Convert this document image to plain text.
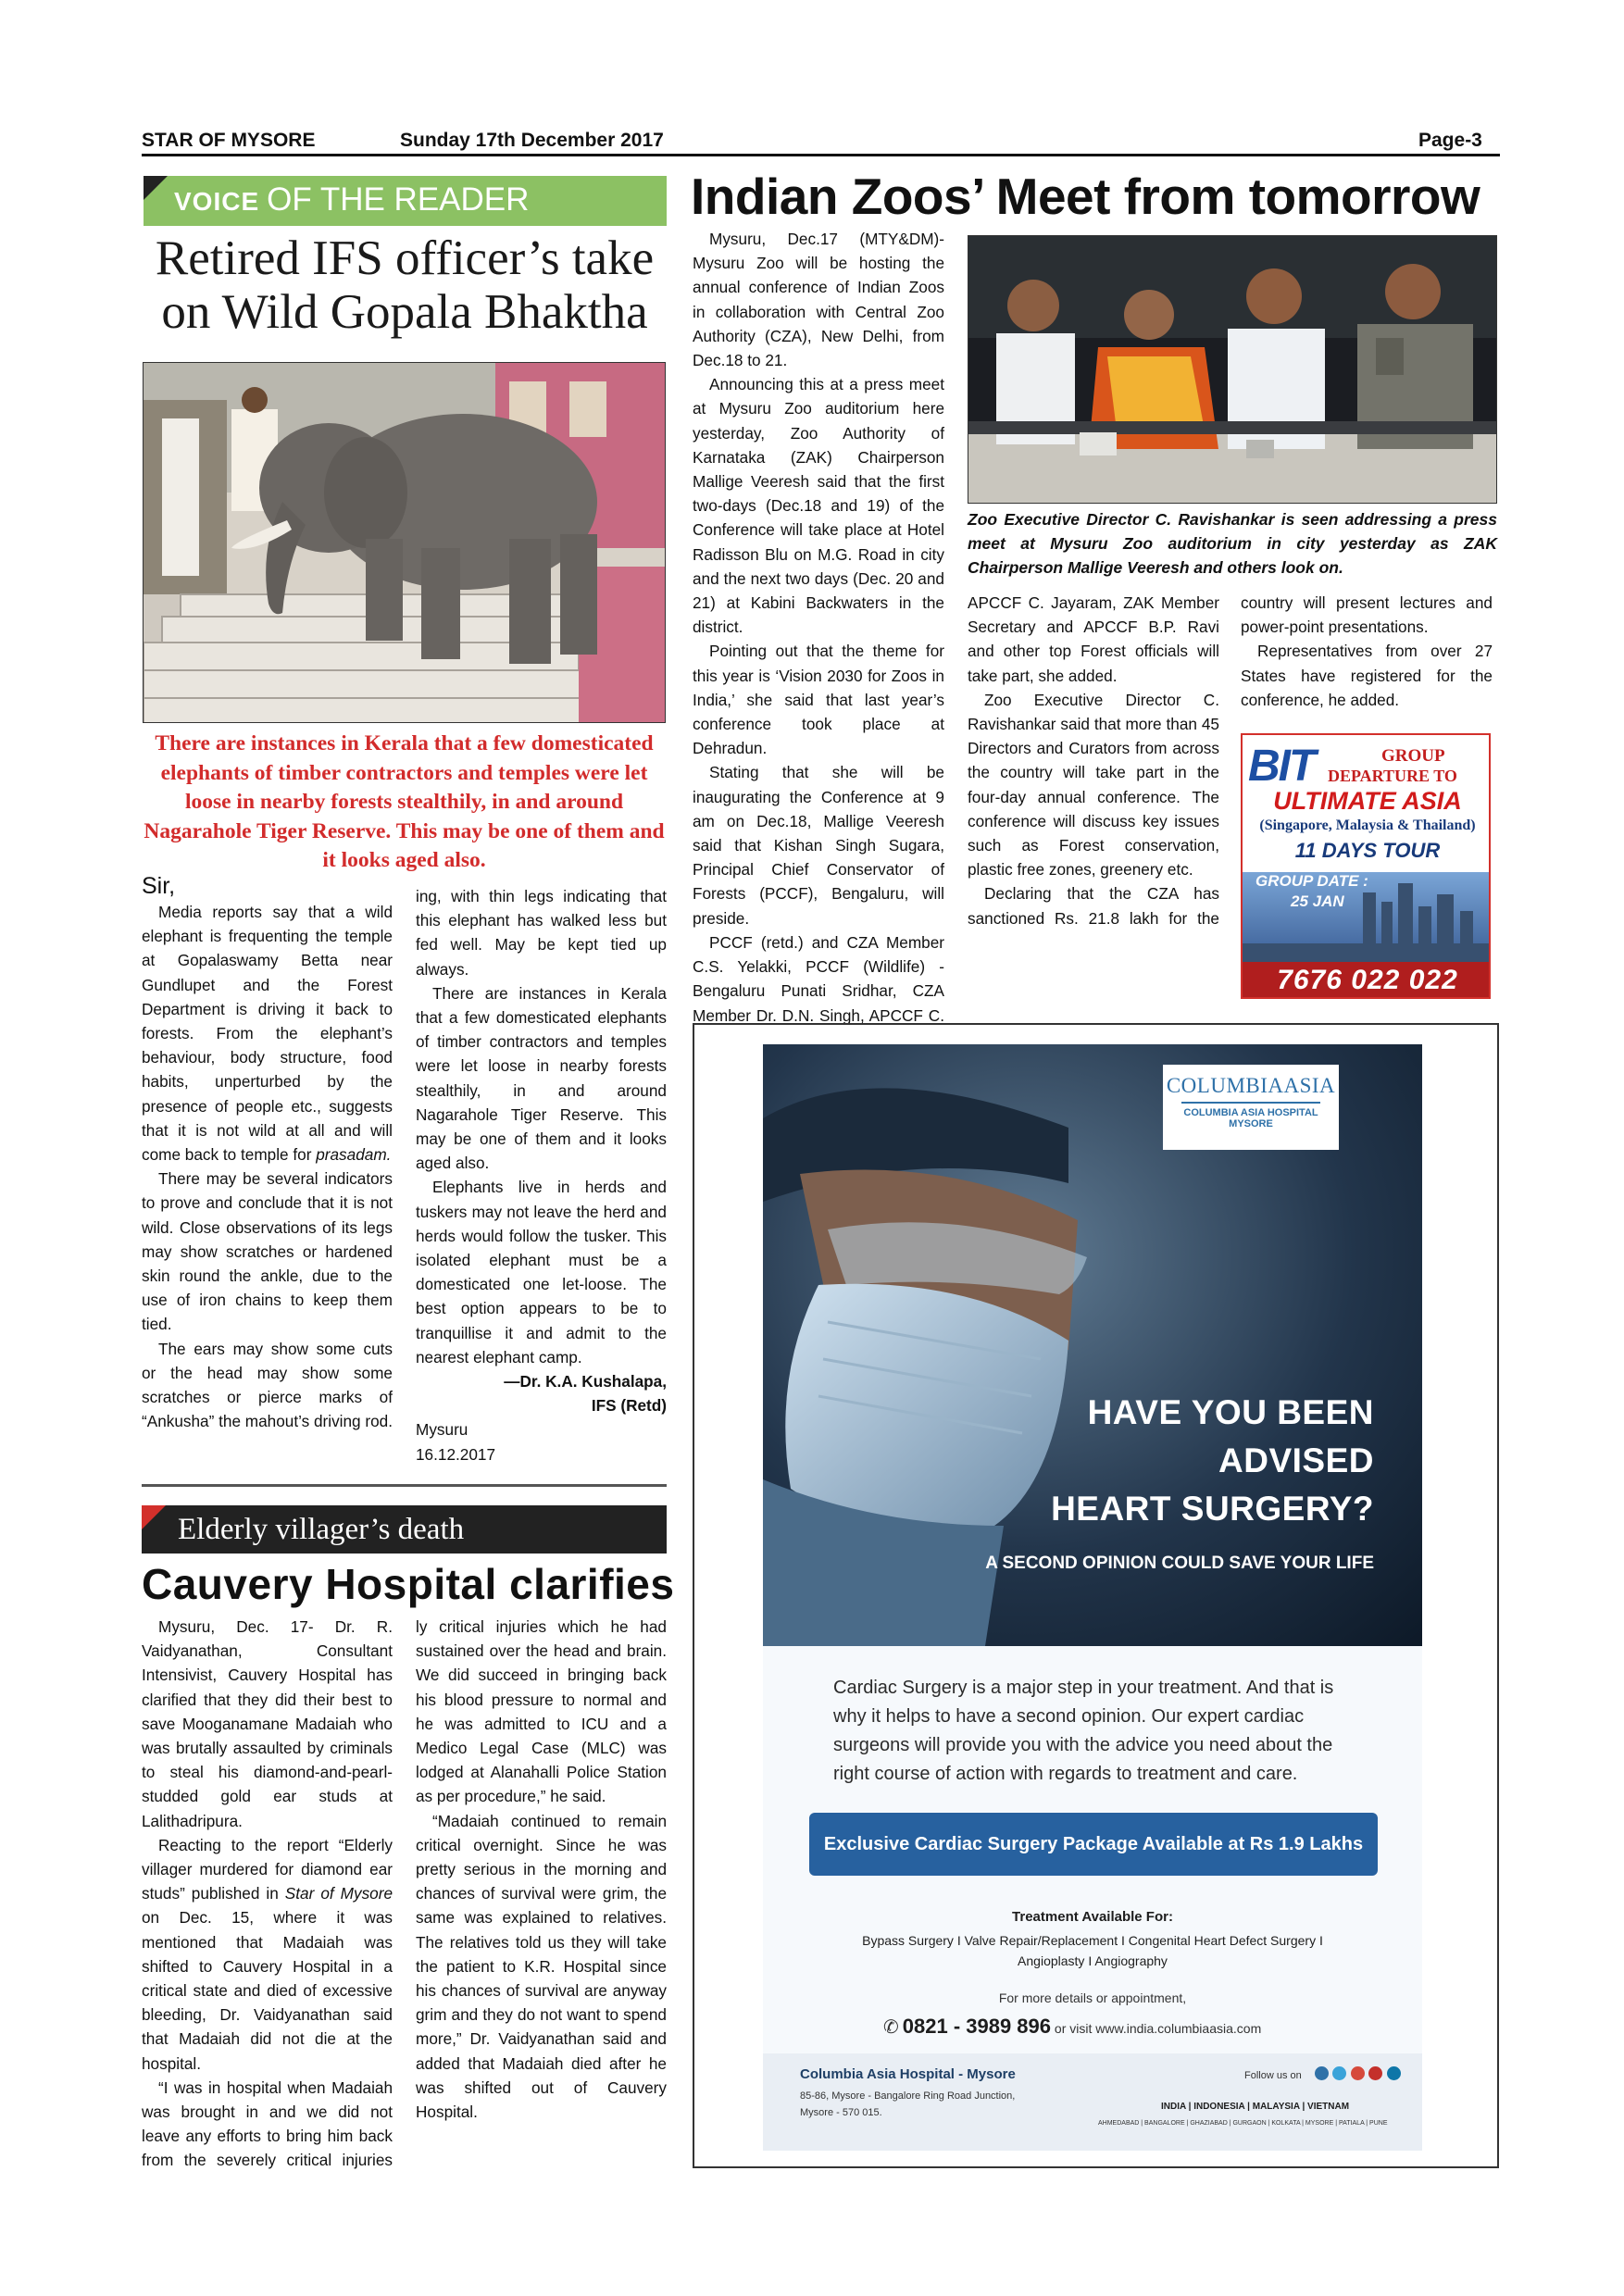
STAR OF MYSORE	Sunday 17th December 2017	Page-3
VOICE OF THE READER
Retired IFS officer’s take
on Wild Gopala Bhaktha
There are instances in Kerala that a few domesticated elephants of timber contractors and temples were let loose in nearby forests stealthily, in and around Nagarahole Tiger Reserve. This may be one of them and it looks aged also.

Sir,

Media reports say that a wild elephant is frequenting the temple at Gopalaswamy Betta near Gundlupet and the Forest Department is driving it back to forests. From the elephant’s behaviour, body structure, food habits, unperturbed by the presence of people etc., suggests that it is not wild at all and will come back to temple for prasadam.

There may be several indicators to prove and conclude that it is not wild. Close observations of its legs may show scratches or hardened skin round the ankle, due to the use of iron chains to keep them tied.

The ears may show some cuts or the head may show some scratches or pierce marks of “Ankusha” the mahout’s driving rod.

ing, with thin legs indicating that this elephant has walked less but fed well. May be kept tied up always.

There are instances in Kerala that a few domesticated elephants of timber contractors and temples were let loose in nearby forests stealthily, in and around Nagarahole Tiger Reserve. This may be one of them and it looks aged also.

Elephants live in herds and tuskers may not leave the herd and herds would follow the tusker. This isolated elephant must be a domesticated one let-loose. The best option appears to be to tranquillise it and admit to the nearest elephant camp.

—Dr. K.A. Kushalapa,

IFS (Retd)

Mysuru

16.12.2017

Elderly villager’s death
Cauvery Hospital clarifies

Mysuru, Dec. 17- Dr. R. Vaidyanathan, Consultant Intensivist, Cauvery Hospital has clarified that they did their best to save Mooganamane Madaiah who was brutally assaulted by criminals to steal his diamond-and-pearl-studded gold ear studs at Lalithadripura.

Reacting to the report “Elderly villager murdered for diamond ear studs” published in Star of Mysore on Dec. 15, where it was mentioned that Madaiah was shifted to Cauvery Hospital in a critical state and died of excessive bleeding, Dr. Vaidyanathan said that Madaiah did not die at the hospital.

“I was in hospital when Madaiah was brought in and we did not leave any efforts to bring him back from the severely critical injuries

ly critical injuries which he had sustained over the head and brain. We did succeed in bringing back his blood pressure to normal and he was admitted to ICU and a Medico Legal Case (MLC) was lodged at Alanahalli Police Station as per procedure,” he said.

“Madaiah continued to remain critical overnight. Since he was pretty serious in the morning and chances of survival were grim, the same was explained to relatives. The relatives told us they will take the patient to K.R. Hospital since his chances of survival are anyway grim and they do not want to spend more,” Dr. Vaidyanathan said and added that Madaiah died after he was shifted out of Cauvery Hospital.

Indian Zoos’ Meet from tomorrow

Mysuru, Dec.17 (MTY&DM)- Mysuru Zoo will be hosting the annual conference of Indian Zoos in collaboration with Central Zoo Authority (CZA), New Delhi, from Dec.18 to 21.

Announcing this at a press meet at Mysuru Zoo auditorium here yesterday, Zoo Authority of Karnataka (ZAK) Chairperson Mallige Veeresh said that the first two-days (Dec.18 and 19) of the Conference will take place at Hotel Radisson Blu on M.G. Road in city and the next two days (Dec. 20 and 21) at Kabini Backwaters in the district.

Pointing out that the theme for this year is ‘Vision 2030 for Zoos in India,’ she said that last year’s conference took place at Dehradun.

Stating that she will be inaugurating the Conference at 9 am on Dec.18, Mallige Veeresh said that Kishan Singh Sugara, Principal Chief Conservator of Forests (PCCF), Bengaluru, will preside.

PCCF (retd.) and CZA Member C.S. Yelakki, PCCF (Wildlife) - Bengaluru Punati Sridhar, CZA Member Dr. D.N. Singh, APCCF C.

Zoo Executive Director C. Ravishankar is seen addressing a press meet at Mysuru Zoo auditorium in city yesterday as ZAK Chairperson Mallige Veeresh and others look on.

APCCF C. Jayaram, ZAK Member Secretary and APCCF B.P. Ravi and other top Forest officials will take part, she added.

Zoo Executive Director C. Ravishankar said that more than 45 Directors and Curators from across the country will take part in the four-day annual conference. The conference will discuss key issues such as Forest conservation, plastic free zones, greenery etc.

Declaring that the CZA has sanctioned Rs. 21.8 lakh for the

country will present lectures and power-point presentations.

Representatives from over 27 States have registered for the conference, he added.

BIT	GROUP
DEPARTURE TO
ULTIMATE ASIA
(Singapore, Malaysia & Thailand)
11 DAYS TOUR
GROUP DATE :
25 JAN
7676 022 022
COLUMBIAASIA
COLUMBIA ASIA HOSPITAL
MYSORE
HAVE YOU BEEN
ADVISED
HEART SURGERY?
A SECOND OPINION COULD SAVE YOUR LIFE
Cardiac Surgery is a major step in your treatment. And that is why it helps to have a second opinion. Our expert cardiac surgeons will provide you with the advice you need about the right course of action with regards to treatment and care.
Exclusive Cardiac Surgery Package Available at Rs 1.9 Lakhs
Treatment Available For:
Bypass Surgery I Valve Repair/Replacement I Congenital Heart Defect Surgery I
Angioplasty I Angiography
For more details or appointment,
✆ 0821 - 3989 896 or visit www.india.columbiaasia.com
Columbia Asia Hospital - Mysore
85-86, Mysore - Bangalore Ring Road Junction,
Mysore - 570 015.
Follow us on

INDIA | INDONESIA | MALAYSIA | VIETNAM
AHMEDABAD | BANGALORE | GHAZIABAD | GURGAON | KOLKATA | MYSORE | PATIALA | PUNE
